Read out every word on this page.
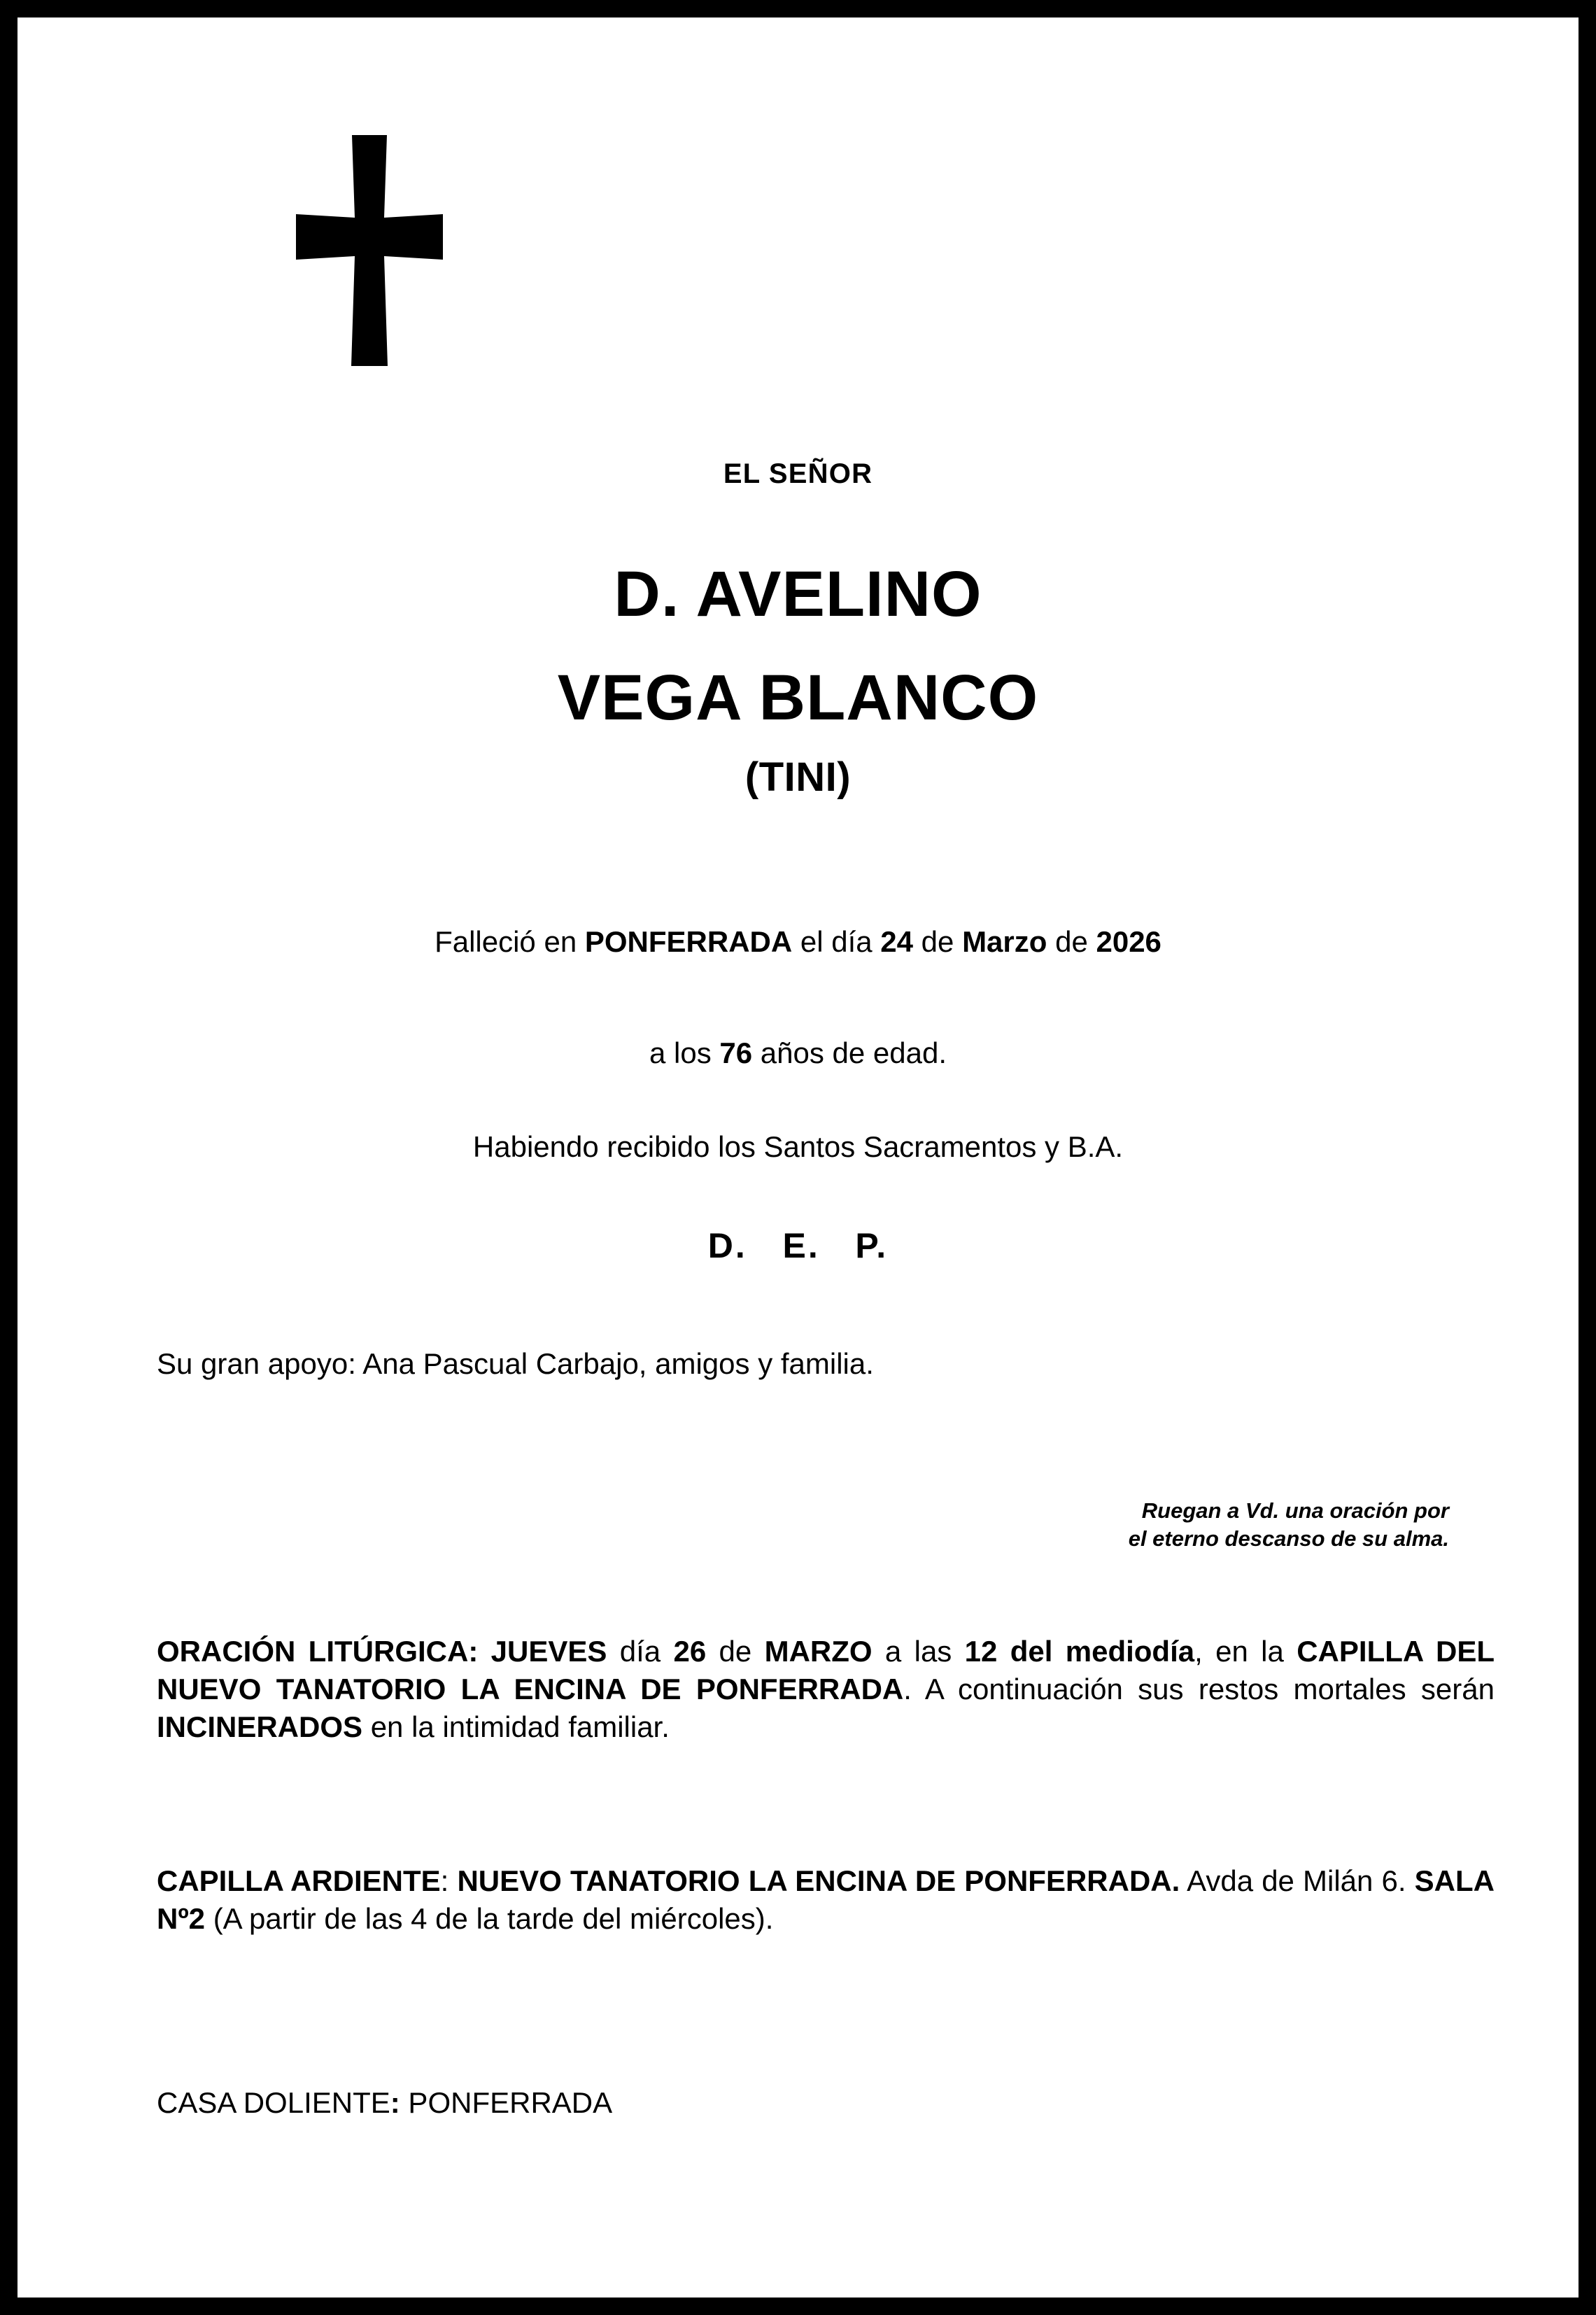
EL SEÑOR
D. AVELINO
VEGA BLANCO
(TINI)
Falleció en PONFERRADA el día 24 de Marzo de 2026
a los 76 años de edad.
Habiendo recibido los Santos Sacramentos y B.A.
D.   E.   P.
Su gran apoyo: Ana Pascual Carbajo, amigos y familia.
Ruegan a Vd. una oración por
el eterno descanso de su alma.
ORACIÓN LITÚRGICA: JUEVES día 26 de MARZO a las 12 del mediodía, en la CAPILLA DEL NUEVO TANATORIO LA ENCINA DE PONFERRADA. A continuación sus restos mortales serán INCINERADOS en la intimidad familiar.
CAPILLA ARDIENTE: NUEVO TANATORIO LA ENCINA DE PONFERRADA. Avda de Milán 6. SALA Nº2 (A partir de las 4 de la tarde del miércoles).
CASA DOLIENTE: PONFERRADA
